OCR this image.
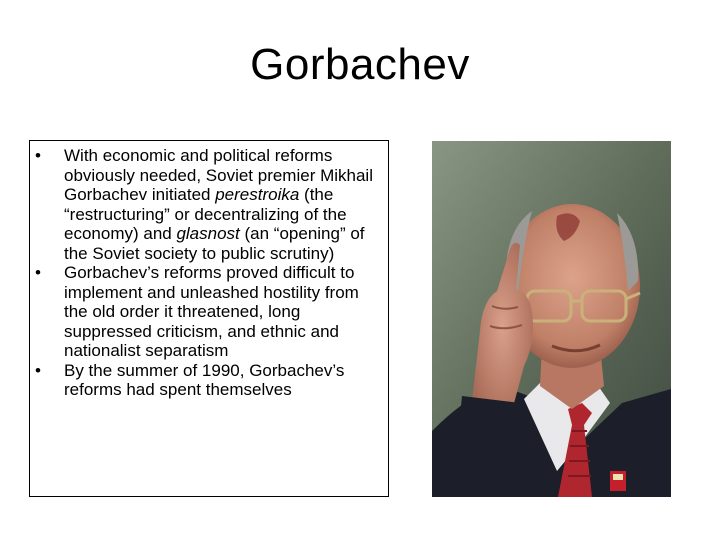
Gorbachev
• With economic and political reforms obviously needed, Soviet premier Mikhail Gorbachev initiated perestroika (the “restructuring” or decentralizing of the economy) and glasnost (an “opening” of the Soviet society to public scrutiny)
• Gorbachev’s reforms proved difficult to implement and unleashed hostility from the old order it threatened, long suppressed criticism, and ethnic and nationalist separatism
• By the summer of 1990, Gorbachev’s reforms had spent themselves
